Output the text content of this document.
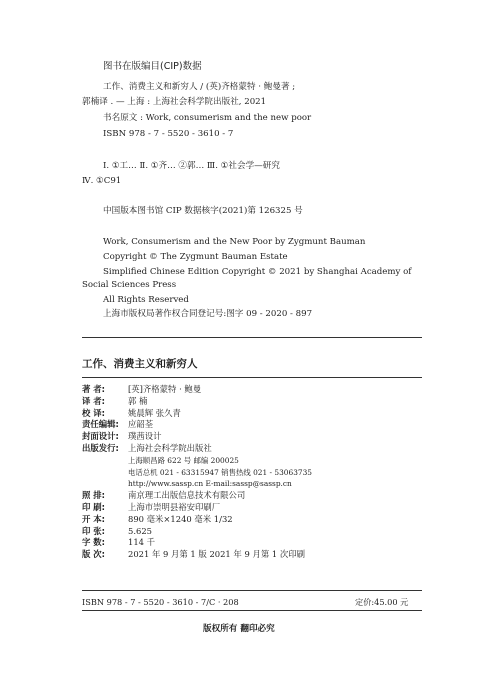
图书在版编目(CIP)数据
工作、消费主义和新穷人 / (英)齐格蒙特 · 鲍曼著 ;
郭楠译 . — 上海 : 上海社会科学院出版社, 2021
书名原文 : Work, consumerism and the new poor
ISBN 978 - 7 - 5520 - 3610 - 7
Ⅰ. ①工… Ⅱ. ①齐… ②郭… Ⅲ. ①社会学—研究
Ⅳ. ①C91
中国版本图书馆 CIP 数据核字(2021)第 126325 号
Work, Consumerism and the New Poor by Zygmunt Bauman
Copyright © The Zygmunt Bauman Estate
Simplified Chinese Edition Copyright © 2021 by Shanghai Academy of
Social Sciences Press
All Rights Reserved
上海市版权局著作权合同登记号:图字 09 - 2020 - 897
工作、消费主义和新穷人
著 者:	[英]齐格蒙特 · 鲍曼
译 者:	郭 楠
校 译:	姚晨辉 张久青
责任编辑:	应韶荃
封面设计:	璞茜设计
出版发行:	上海社会科学院出版社
上海顺昌路 622 号 邮编 200025
电话总机 021 - 63315947 销售热线 021 - 53063735
http://www.sassp.cn E-mail:sassp@sassp.cn
照 排:	南京理工出版信息技术有限公司
印 刷:	上海市崇明县裕安印刷厂
开 本:	890 毫米×1240 毫米 1/32
印 张:	5.625
字 数:	114 千
版 次:	2021 年 9 月第 1 版 2021 年 9 月第 1 次印刷
ISBN 978 - 7 - 5520 - 3610 - 7/C · 208	定价:45.00 元
版权所有 翻印必究
